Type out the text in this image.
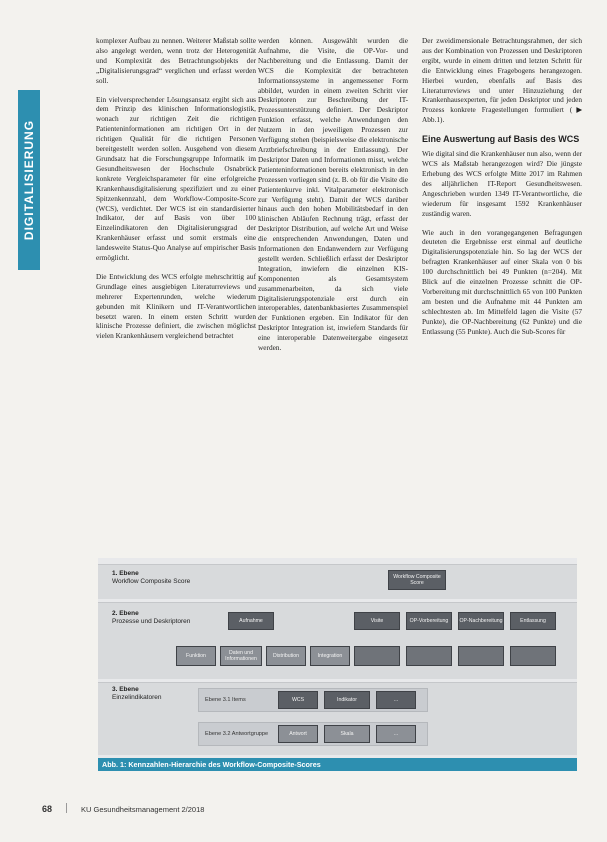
DIGITALISIERUNG

komplexer Aufbau zu nennen. Weiterer Maßstab sollte also angelegt werden, wenn trotz der Heterogenität und Komplexität des Betrachtungsobjekts der „Digitalisierungsgrad“ verglichen und erfasst werden soll.

Ein vielversprechender Lösungsansatz ergibt sich aus dem Prinzip des klinischen Informationslogistik, wonach zur richtigen Zeit die richtigen Patienteninformationen am richtigen Ort in der richtigen Qualität für die richtigen Personen bereitgestellt werden sollen. Ausgehend von diesem Grundsatz hat die Forschungsgruppe Informatik im Gesundheitswesen der Hochschule Osnabrück konkrete Vergleichsparameter für eine erfolgreiche Krankenhausdigitalisierung spezifiziert und zu einer Spitzenkennzahl, dem Workflow-Composite-Score (WCS), verdichtet. Der WCS ist ein standardisierter Indikator, der auf Basis von über 100 Einzelindikatoren den Digitalisierungsgrad der Krankenhäuser erfasst und somit erstmals eine landesweite Status-Quo Analyse auf empirischer Basis ermöglicht.

Die Entwicklung des WCS erfolgte mehrschrittig auf Grundlage eines ausgiebigen Literaturreviews und mehrerer Expertenrunden, welche wiederum gebunden mit Klinikern und IT-Verantwortlichen besetzt waren. In einem ersten Schritt wurden klinische Prozesse definiert, die zwischen möglichst vielen Krankenhäusern vergleichend betrachtet

werden können. Ausgewählt wurden die Aufnahme, die Visite, die OP-Vor- und Nachbereitung und die Entlassung. Damit der WCS die Komplexität der betrachteten Informationssysteme in angemessener Form abbildet, wurden in einem zweiten Schritt vier Deskriptoren zur Beschreibung der IT-Prozessunterstützung definiert. Der Deskriptor Funktion erfasst, welche Anwendungen den Nutzern in den jeweiligen Prozessen zur Verfügung stehen (beispielsweise die elektronische Arztbriefschreibung in der Entlassung). Der Deskriptor Daten und Informationen misst, welche Patienteninformationen bereits elektronisch in den Prozessen vorliegen sind (z. B. ob für die Visite die Patientenkurve inkl. Vitalparameter elektronisch zur Verfügung steht). Damit der WCS darüber hinaus auch den hohen Mobilitätsbedarf in den klinischen Abläufen Rechnung trägt, erfasst der Deskriptor Distribution, auf welche Art und Weise die entsprechenden Anwendungen, Daten und Informationen den Endanwendern zur Verfügung gestellt werden. Schließlich erfasst der Deskriptor Integration, inwiefern die einzelnen KIS-Komponenten als Gesamtsystem zusammenarbeiten, da sich viele Digitalisierungspotenziale erst durch ein interoperables, datenbankbasiertes Zusammenspiel der Funktionen ergeben. Ein Indikator für den Deskriptor Integration ist, inwiefern Standards für eine interoperable Datenweitergabe eingesetzt werden.

Der zweidimensionale Betrachtungsrahmen, der sich aus der Kombination von Prozessen und Deskriptoren ergibt, wurde in einem dritten und letzten Schritt für die Entwicklung eines Fragebogens herangezogen. Hierbei wurden, ebenfalls auf Basis des Literaturreviews und unter Hinzuziehung der Krankenhausexperten, für jeden Deskriptor und jeden Prozess konkrete Fragestellungen formuliert (▶ Abb.1).

Eine Auswertung auf Basis des WCS

Wie digital sind die Krankenhäuser nun also, wenn der WCS als Maßstab herangezogen wird? Die jüngste Erhebung des WCS erfolgte Mitte 2017 im Rahmen des alljährlichen IT-Report Gesundheitswesen. Angeschrieben wurden 1349 IT-Verantwortliche, die wiederum für insgesamt 1592 Krankenhäuser zuständig waren.

Wie auch in den vorangegangenen Befragungen deuteten die Ergebnisse erst einmal auf deutliche Digitalisierungspotenziale hin. So lag der WCS der befragten Krankenhäuser auf einer Skala von 0 bis 100 durchschnittlich bei 49 Punkten (n=204). Mit Blick auf die einzelnen Prozesse schnitt die OP-Vorbereitung mit durchschnittlich 65 von 100 Punkten am besten und die Aufnahme mit 44 Punkten am schlechtesten ab. Im Mittelfeld lagen die Visite (57 Punkte), die OP-Nachbereitung (62 Punkte) und die Entlassung (55 Punkte). Auch die Sub-Scores für

1. Ebene
Workflow Composite Score
Workflow Composite Score
2. Ebene
Prozesse und Deskriptoren	Aufnahme	Visite	OP-Vorbereitung	OP-Nachbereitung	Entlassung
Funktion
Daten und Informationen
Distribution	Integration
3. Ebene
Einzelindikatoren	Ebene 3.1 Items	WCS	Indikator	...
Ebene 3.2 Antwortgruppe	Antwort	Skala	...
Abb. 1: Kennzahlen-Hierarchie des Workflow-Composite-Scores
68	KU Gesundheitsmanagement 2/2018
